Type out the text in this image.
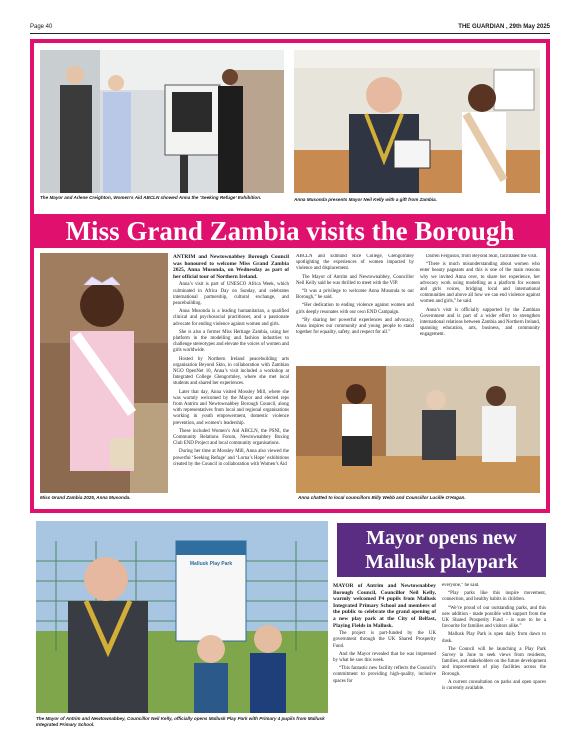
Page 40	THE GUARDIAN , 29th May 2025
The Mayor and Arlene Creighton, Women’s Aid ABCLN showed Anna the ‘Seeking Refuge’ Exhibition.	Anna Musonda presents Mayor Neil Kelly with a gift from Zambia.
Miss Grand Zambia visits the Borough
Miss Grand Zambia 2025, Anna Musonda.

ANTRIM and Newtownabbey Borough Council was honoured to welcome Miss Grand Zambia 2025, Anna Musonda, on Wednesday as part of her official tour of Northern Ireland.

Anna’s visit is part of UNESCO Africa Week, which culminated in Africa Day on Sunday, and celebrates international partnership, cultural exchange, and peacebuilding.

Anna Musonda is a leading humanitarian, a qualified clinical and psychosocial practitioner, and a passionate advocate for ending violence against women and girls.

She is also a former Miss Heritage Zambia, using her platform in the modelling and fashion industries to challenge stereotypes and elevate the voices of women and girls worldwide.

Hosted by Northern Ireland peacebuilding arts organisation Beyond Skin, in collaboration with Zambian NGO OpenNet 10, Anna’s visit included a workshop at Integrated College Glengormley, where she met local students and shared her experiences.

Later that day, Anna visited Mossley Mill, where she was warmly welcomed by the Mayor and elected reps from Antrim and Newtownabbey Borough Council, along with representatives from local and regional organisations working in youth empowerment, domestic violence prevention, and women’s leadership.

These included Women’s Aid ABCLN, the PSNI, the Community Relations Forum, Newtownabbey Boxing Club END Project and local community organisations.

During her time at Mossley Mill, Anna also viewed the powerful ‘Seeking Refuge’ and ‘Lorna’s Hope’ exhibitions created by the Council in collaboration with Women’s Aid

ABCLN and Edmund Rice College, Glengormley spotlighting the experiences of women impacted by violence and displacement.

The Mayor of Antrim and Newtownabbey, Councillor Neil Kelly said he was thrilled to meet with the VIP.

“It was a privilege to welcome Anna Musonda to our Borough,” he said.

“Her dedication to ending violence against women and girls deeply resonates with our own END Campaign.

“By sharing her powerful experiences and advocacy, Anna inspires our community and young people to stand together for equality, safety, and respect for all.”

Darren Ferguson, from Beyond Skin, facilitated the visit.

“There is much misunderstanding about women who enter beauty pageants and this is one of the main reasons why we invited Anna over, to share her experience, her advocacy work using modelling as a platform for women and girls voices, bridging local and international communities and above all how we can end violence against women and girls,” he said.

Anna’s visit is officially supported by the Zambian Government and is part of a wider effort to strengthen international relations between Zambia and Northern Ireland, spanning education, arts, business, and community engagement.

Anna chatted to local councillors Billy Webb and Councillor Lucille O’Hagan.
Mallusk Play Park
The Mayor of Antrim and Newtownabbey, Councillor Neil Kelly, officially opens Mallusk Play Park with Primary 4 pupils from Mallusk Integrated Primary School.
Mayor opens new Mallusk playpark

MAYOR of Antrim and Newtownabbey Borough Council, Councillor Neil Kelly, warmly welcomed P4 pupils from Mallusk Integrated Primary School and members of the public to celebrate the grand opening of a new play park at the City of Belfast, Playing Fields in Mallusk.

The project is part-funded by the UK government through the UK Shared Prosperity Fund.

And the Mayor revealed that he was impressed by what he saw this week.

“This fantastic new facility reflects the Council’s commitment to providing high-quality, inclusive spaces for

everyone,” he said.

“Play parks like this inspire movement, connection, and healthy habits in children.

“We’re proud of our outstanding parks, and this new addition - made possible with support from the UK Shared Prosperity Fund - is sure to be a favourite for families and visitors alike.”

Mallusk Play Park is open daily from dawn to dusk.

The Council will be launching a Play Park Survey in June to seek views from residents, families, and stakeholders on the future development and improvement of play facilities across the Borough.

A current consultation on parks and open spaces is currently available.
